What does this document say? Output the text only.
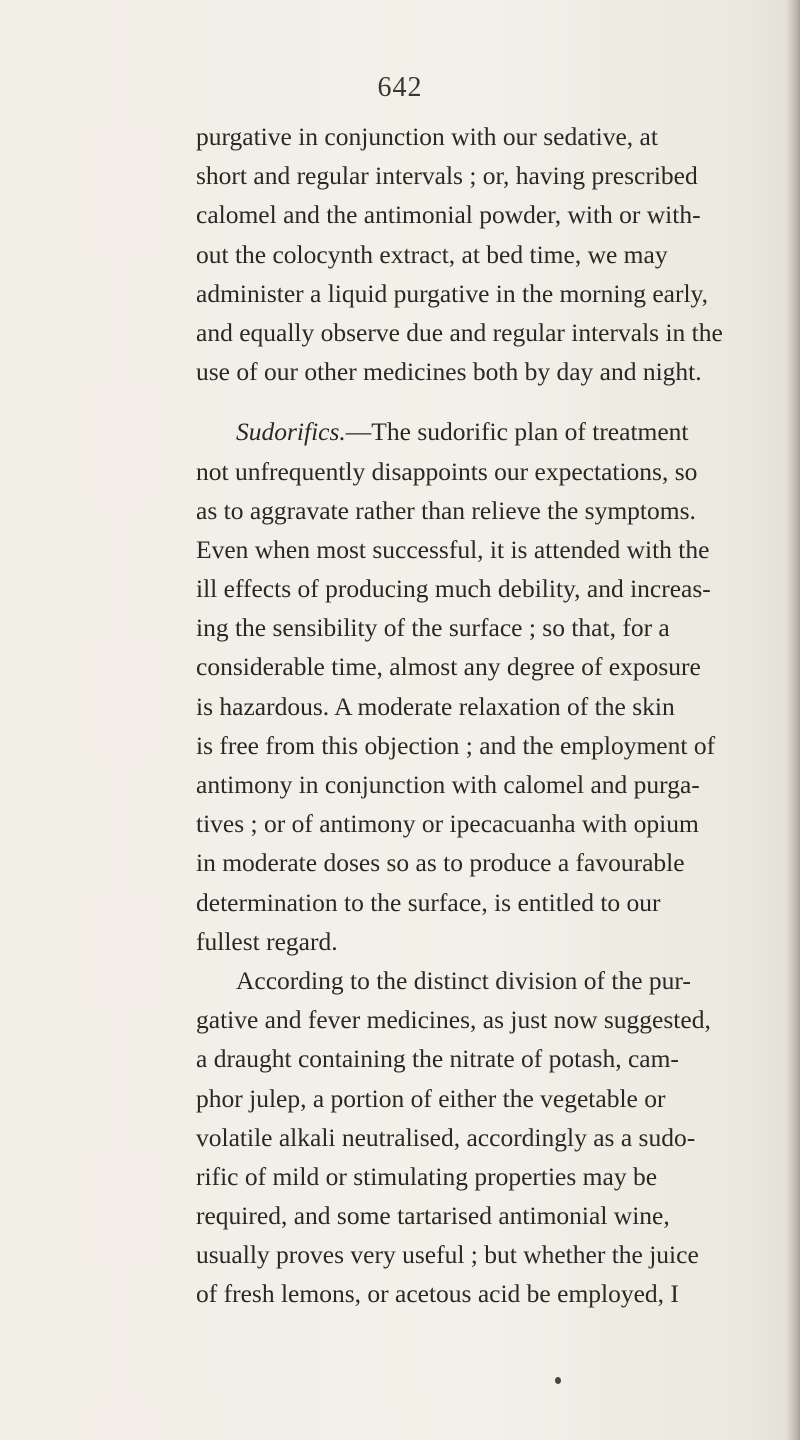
642
purgative in conjunction with our sedative, at
short and regular intervals ; or, having prescribed
calomel and the antimonial powder, with or with-
out the colocynth extract, at bed time, we may
administer a liquid purgative in the morning early,
and equally observe due and regular intervals in the
use of our other medicines both by day and night.
Sudorifics.—The sudorific plan of treatment
not unfrequently disappoints our expectations, so
as to aggravate rather than relieve the symptoms.
Even when most successful, it is attended with the
ill effects of producing much debility, and increas-
ing the sensibility of the surface ; so that, for a
considerable time, almost any degree of exposure
is hazardous. A moderate relaxation of the skin
is free from this objection ; and the employment of
antimony in conjunction with calomel and purga-
tives ; or of antimony or ipecacuanha with opium
in moderate doses so as to produce a favourable
determination to the surface, is entitled to our
fullest regard.
According to the distinct division of the pur-
gative and fever medicines, as just now suggested,
a draught containing the nitrate of potash, cam-
phor julep, a portion of either the vegetable or
volatile alkali neutralised, accordingly as a sudo-
rific of mild or stimulating properties may be
required, and some tartarised antimonial wine,
usually proves very useful ; but whether the juice
of fresh lemons, or acetous acid be employed, I
